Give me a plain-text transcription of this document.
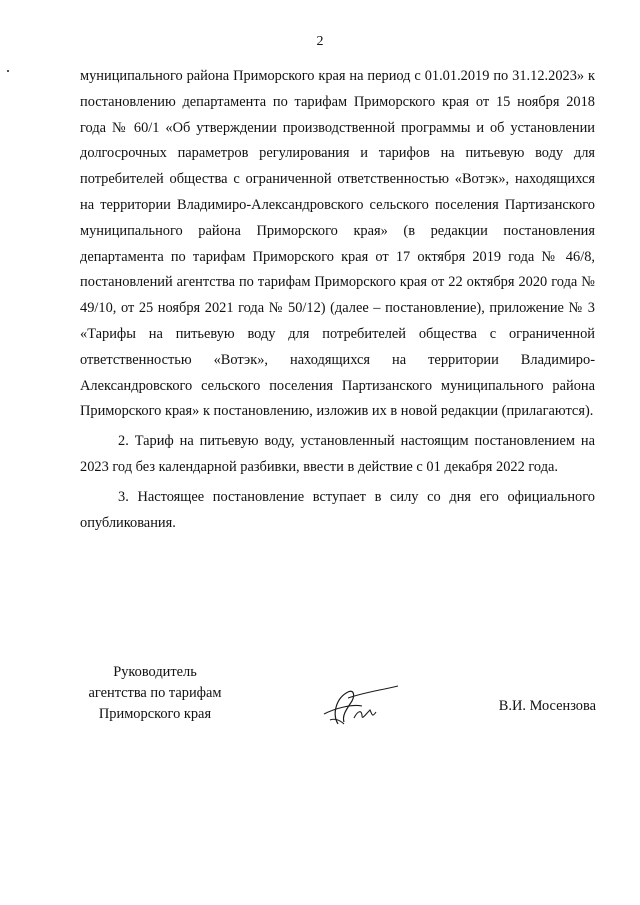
2

муниципального района Приморского края на период с 01.01.2019 по 31.12.2023» к постановлению департамента по тарифам Приморского края от 15 ноября 2018 года № 60/1 «Об утверждении производственной программы и об установлении долгосрочных параметров регулирования и тарифов на питьевую воду для потребителей общества с ограниченной ответственностью «Вотэк», находящихся на территории Владимиро-Александровского сельского поселения Партизанского муниципального района Приморского края» (в редакции постановления департамента по тарифам Приморского края от 17 октября 2019 года № 46/8, постановлений агентства по тарифам Приморского края от 22 октября 2020 года № 49/10, от 25 ноября 2021 года № 50/12) (далее – постановление), приложение № 3 «Тарифы на питьевую воду для потребителей общества с ограниченной ответственностью «Вотэк», находящихся на территории Владимиро-Александровского сельского поселения Партизанского муниципального района Приморского края» к постановлению, изложив их в новой редакции (прилагаются).

2. Тариф на питьевую воду, установленный настоящим постановлением на 2023 год без календарной разбивки, ввести в действие с 01 декабря 2022 года.

3. Настоящее постановление вступает в силу со дня его официального опубликования.

Руководитель
агентства по тарифам
Приморского края	В.И. Мосензова
